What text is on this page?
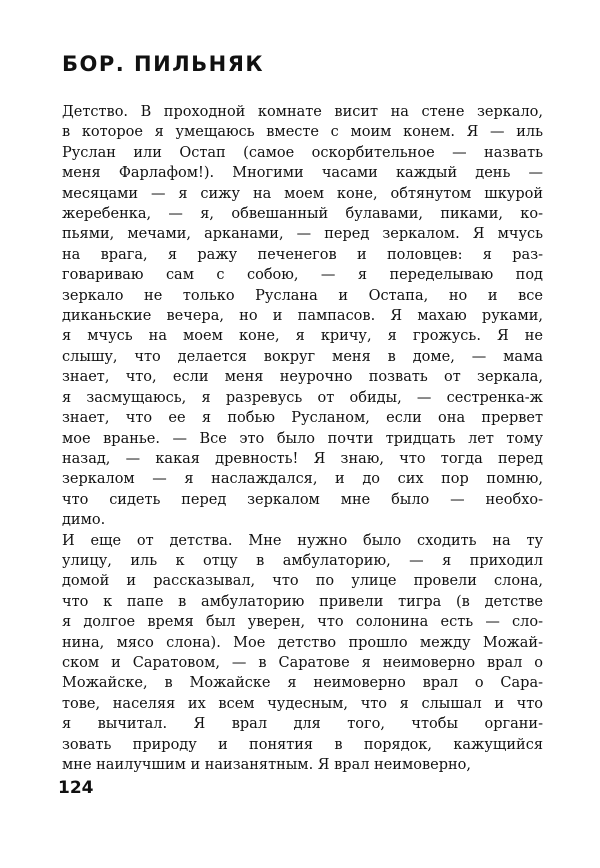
БОР. ПИЛЬНЯК
Детство. В проходной комнате висит на стене зеркало,
в которое я умещаюсь вместе с моим конем. Я — иль
Руслан или Остап (самое оскорбительное — назвать
меня Фарлафом!). Многими часами каждый день —
месяцами — я сижу на моем коне, обтянутом шкурой
жеребенка, — я, обвешанный булавами, пиками, ко-
пьями, мечами, арканами, — перед зеркалом. Я мчусь
на врага, я ражу печенегов и половцев: я раз-
говариваю сам с собою, — я переделываю под
зеркало не только Руслана и Остапа, но и все
диканьские вечера, но и пампасов. Я махаю руками,
я мчусь на моем коне, я кричу, я грожусь. Я не
слышу, что делается вокруг меня в доме, — мама
знает, что, если меня неурочно позвать от зеркала,
я засмущаюсь, я разревусь от обиды, — сестренка-ж
знает, что ее я побью Русланом, если она прервет
мое вранье. — Все это было почти тридцать лет тому
назад, — какая древность! Я знаю, что тогда перед
зеркалом — я наслаждался, и до сих пор помню,
что сидеть перед зеркалом мне было — необхо-
димо.
И еще от детства. Мне нужно было сходить на ту
улицу, иль к отцу в амбулаторию, — я приходил
домой и рассказывал, что по улице провели слона,
что к папе в амбулаторию привели тигра (в детстве
я долгое время был уверен, что солонина есть — сло-
нина, мясо слона). Мое детство прошло между Можай-
ском и Саратовом, — в Саратове я неимоверно врал о
Можайске, в Можайске я неимоверно врал о Сара-
тове, населяя их всем чудесным, что я слышал и что
я вычитал. Я врал для того, чтобы органи-
зовать природу и понятия в порядок, кажущийся
мне наилучшим и наизанятным. Я врал неимоверно,
124
